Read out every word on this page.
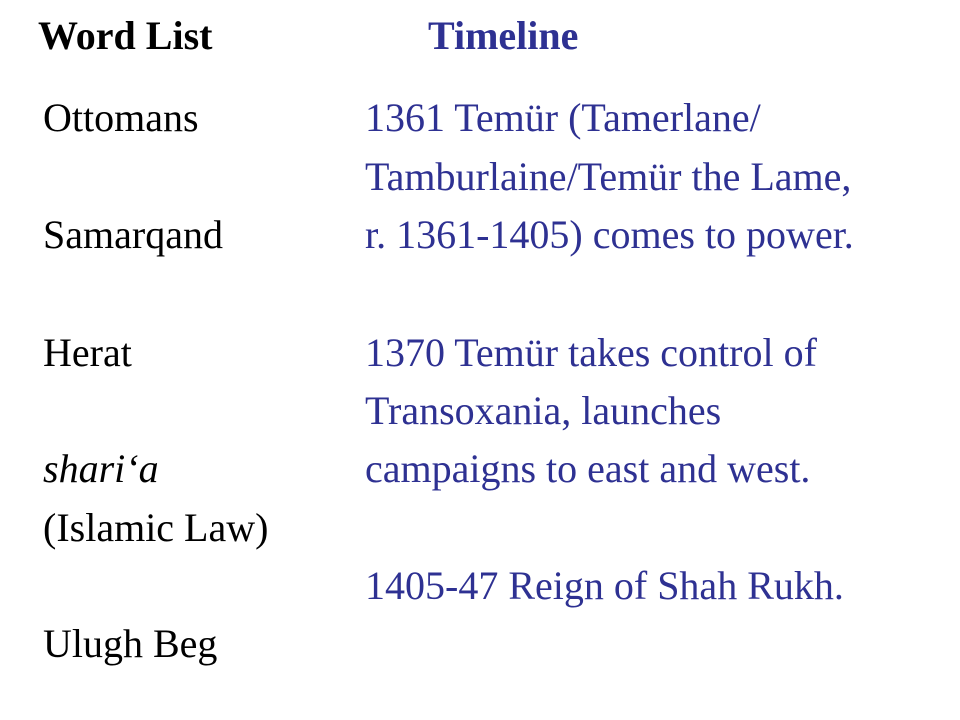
Word List	Timeline

Ottomans

Samarqand

Herat

shari‘a

(Islamic Law)

Ulugh Beg

1361 Temür (Tamerlane/

Tamburlaine/Temür the Lame,

r. 1361-1405) comes to power.

1370 Temür takes control of

Transoxania, launches

campaigns to east and west.

1405-47 Reign of Shah Rukh.
